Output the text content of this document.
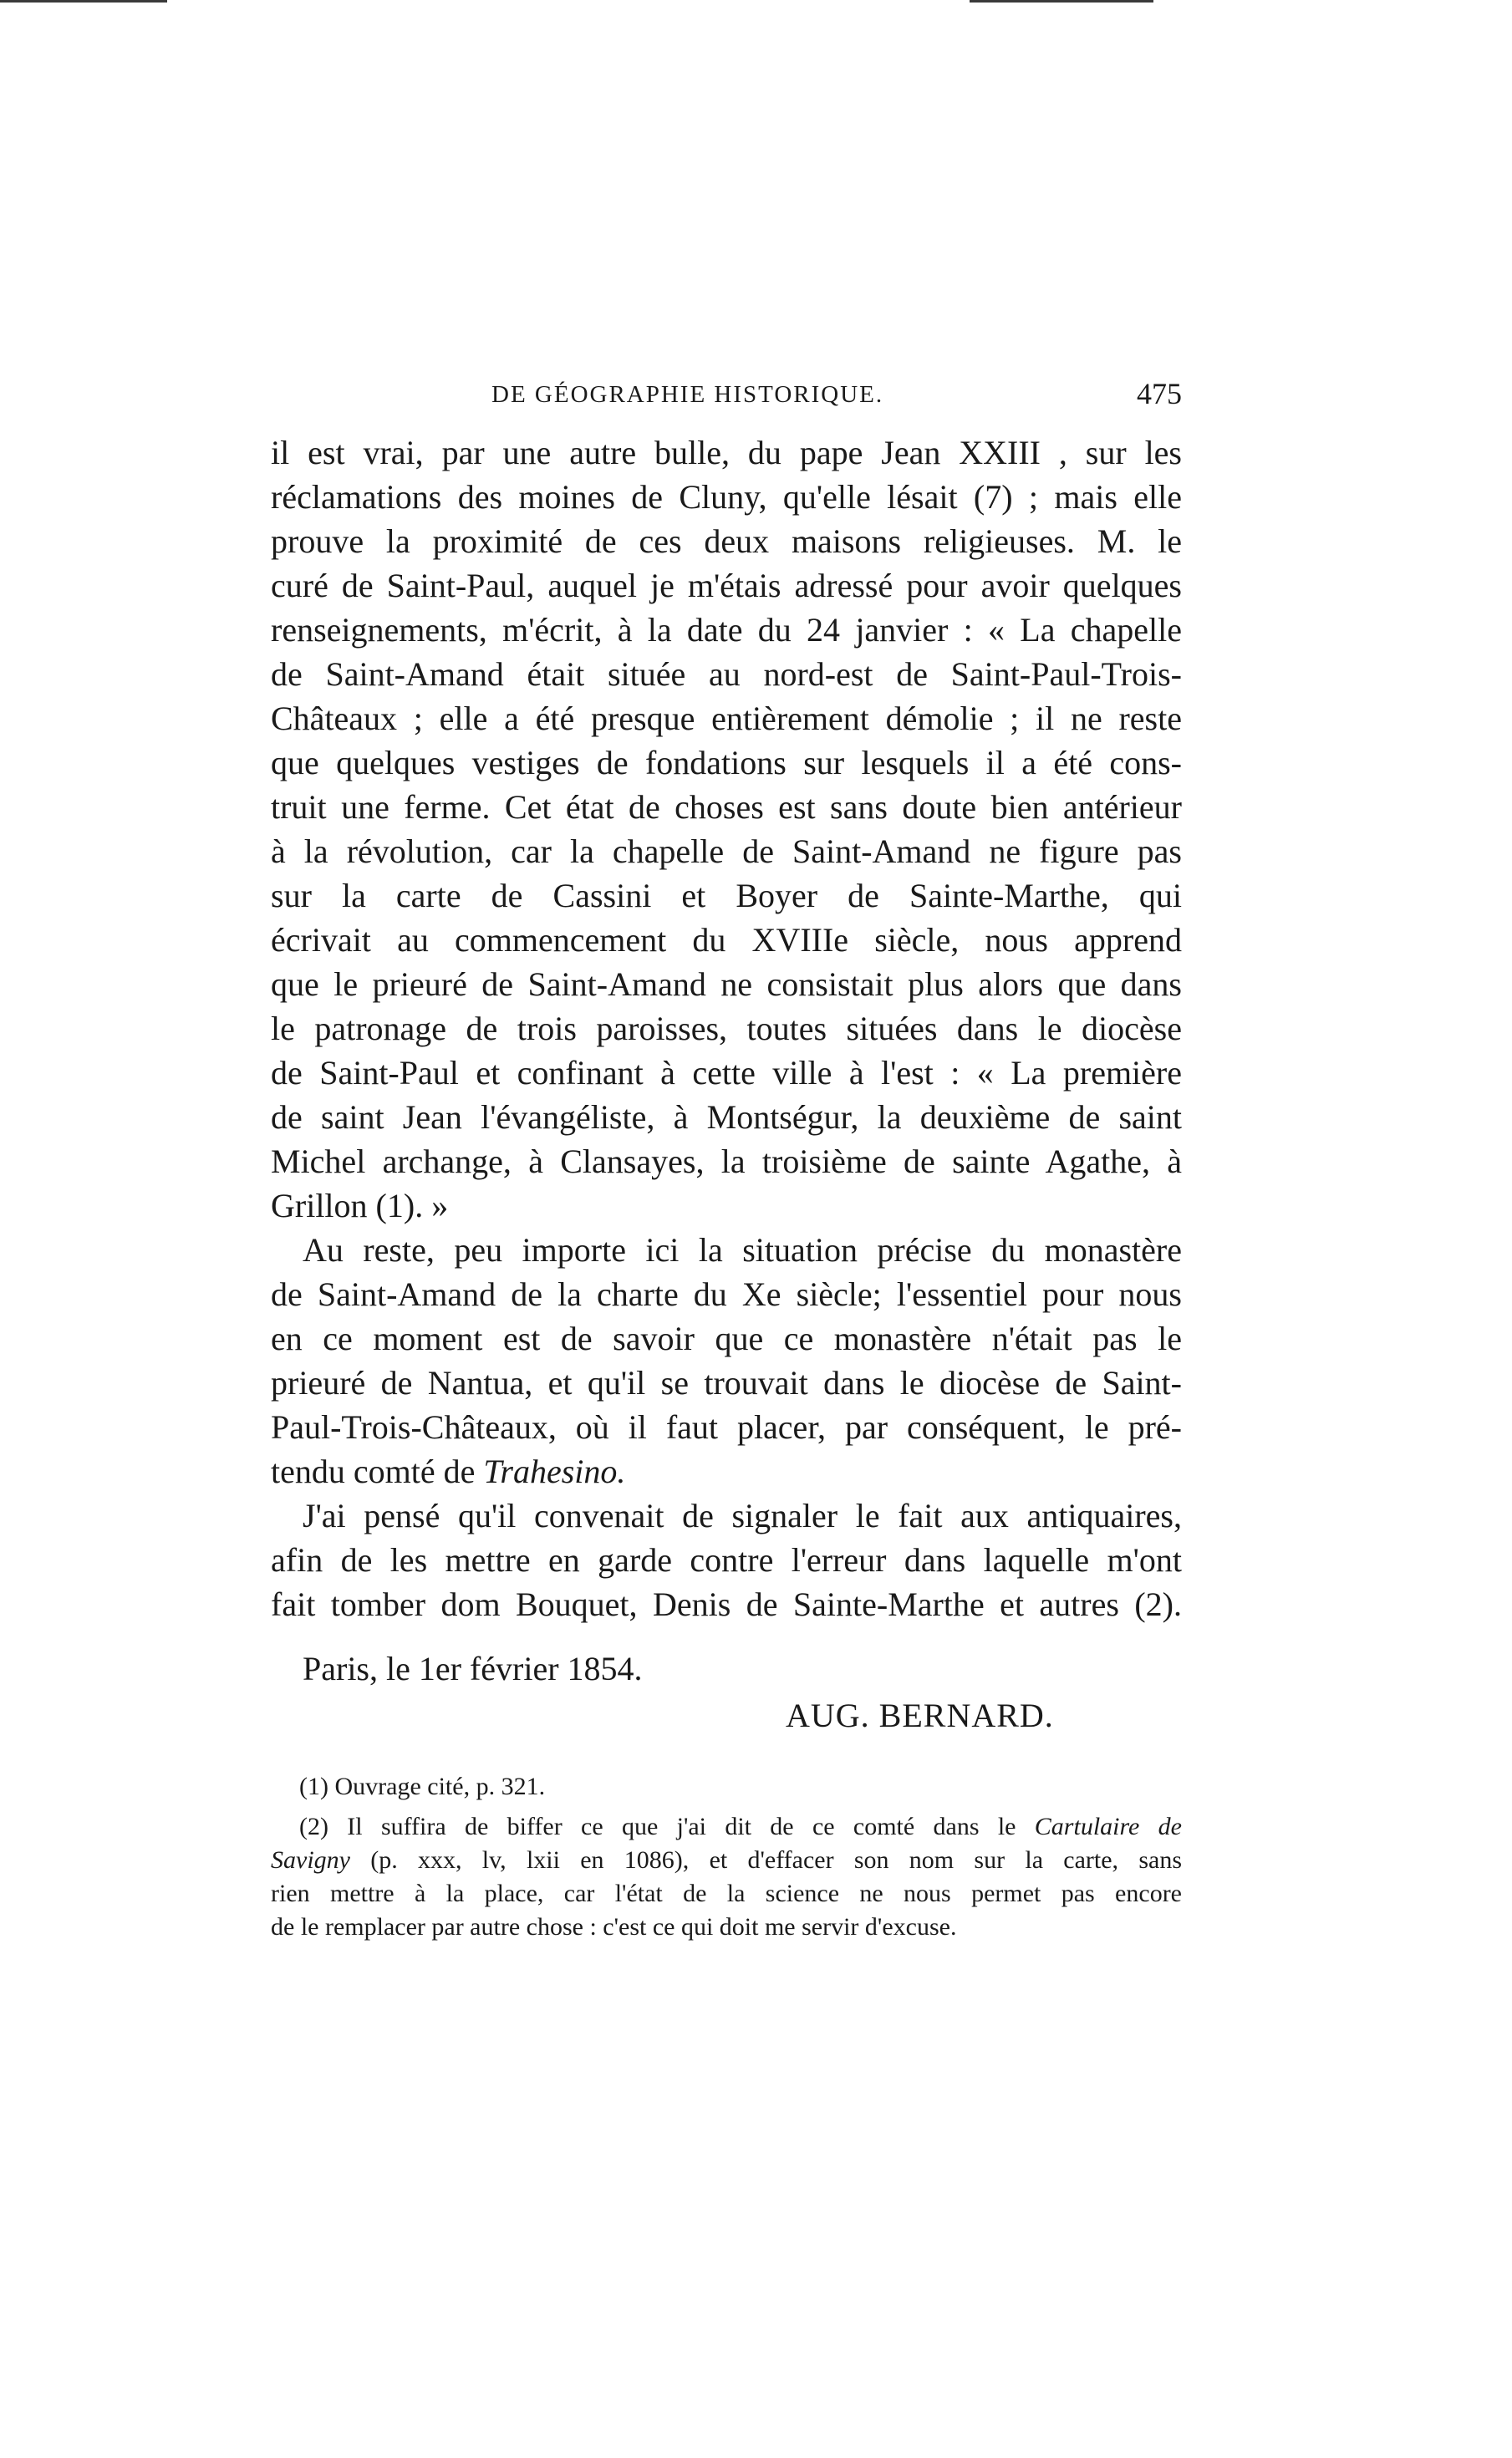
DE GÉOGRAPHIE HISTORIQUE.	475
il est vrai, par une autre bulle, du pape Jean XXIII , sur les
réclamations des moines de Cluny, qu'elle lésait (7) ; mais elle
prouve la proximité de ces deux maisons religieuses. M. le
curé de Saint-Paul, auquel je m'étais adressé pour avoir quelques
renseignements, m'écrit, à la date du 24 janvier : « La chapelle
de Saint-Amand était située au nord-est de Saint-Paul-Trois-
Châteaux ; elle a été presque entièrement démolie ; il ne reste
que quelques vestiges de fondations sur lesquels il a été cons-
truit une ferme. Cet état de choses est sans doute bien antérieur
à la révolution, car la chapelle de Saint-Amand ne figure pas
sur la carte de Cassini et Boyer de Sainte-Marthe, qui
écrivait au commencement du XVIIIe siècle, nous apprend
que le prieuré de Saint-Amand ne consistait plus alors que dans
le patronage de trois paroisses, toutes situées dans le diocèse
de Saint-Paul et confinant à cette ville à l'est : « La première
de saint Jean l'évangéliste, à Montségur, la deuxième de saint
Michel archange, à Clansayes, la troisième de sainte Agathe, à
Grillon (1). »
Au reste, peu importe ici la situation précise du monastère
de Saint-Amand de la charte du Xe siècle; l'essentiel pour nous
en ce moment est de savoir que ce monastère n'était pas le
prieuré de Nantua, et qu'il se trouvait dans le diocèse de Saint-
Paul-Trois-Châteaux, où il faut placer, par conséquent, le pré-
tendu comté de Trahesino.
J'ai pensé qu'il convenait de signaler le fait aux antiquaires,
afin de les mettre en garde contre l'erreur dans laquelle m'ont
fait tomber dom Bouquet, Denis de Sainte-Marthe et autres (2).
Paris, le 1er février 1854.
AUG. BERNARD.
(1) Ouvrage cité, p. 321.
(2) Il suffira de biffer ce que j'ai dit de ce comté dans le Cartulaire de
Savigny (p. xxx, lv, lxii en 1086), et d'effacer son nom sur la carte, sans
rien mettre à la place, car l'état de la science ne nous permet pas encore
de le remplacer par autre chose : c'est ce qui doit me servir d'excuse.
